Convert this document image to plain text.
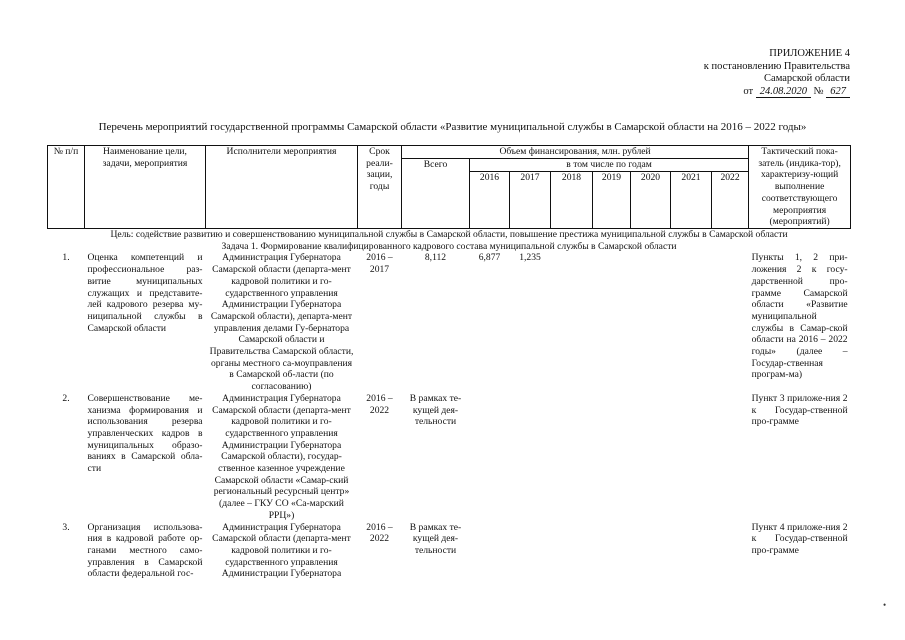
ПРИЛОЖЕНИЕ 4
к постановлению Правительства
Самарской области
от 24.08.2020 № 627
Перечень мероприятий государственной программы Самарской области «Развитие муниципальной службы в Самарской области на 2016 – 2022 годы»
№ п/п	Наименование цели, задачи, мероприятия	Исполнители мероприятия	Срок реали-зации, годы	Объем финансирования, млн. рублей								Тактический пока-затель (индика-тор), характеризу-ющий выполнение соответствующего мероприятия (мероприятий)
				Всего	в том числе по годам							
					2016	2017	2018	2019	2020	2021	2022	
Цель: содействие развитию и совершенствованию муниципальной службы в Самарской области, повышение престижа муниципальной службы в Самарской области												
Задача 1. Формирование квалифицированного кадрового состава муниципальной службы в Самарской области												
1.	Оценка компетенций и профессиональное раз-витие муниципальных служащих и представите-лей кадрового резерва му-ниципальной службы в Самарской области	Администрация Губернатора Самарской области (департа-мент кадровой политики и го-сударственного управления Администрации Губернатора Самарской области), департа-мент управления делами Гу-бернатора Самарской области и Правительства Самарской области, органы местного са-моуправления в Самарской об-ласти (по согласованию)	2016 – 2017	8,112	6,877	1,235						Пункты 1, 2 при-ложения 2 к госу-дарственной про-грамме Самарской области «Развитие муниципальной службы в Самар-ской области на 2016 – 2022 годы» (далее – Государ-ственная програм-ма)
2.	Совершенствование ме-ханизма формирования и использования резерва управленческих кадров в муниципальных образо-ваниях в Самарской обла-сти	Администрация Губернатора Самарской области (департа-мент кадровой политики и го-сударственного управления Администрации Губернатора Самарской области), государ-ственное казенное учреждение Самарской области «Самар-ский региональный ресурсный центр» (далее – ГКУ СО «Са-марский РРЦ»)	2016 – 2022	В рамках те-кущей дея-тельности								Пункт 3 приложе-ния 2 к Государ-ственной про-грамме
3.	Организация использова-ния в кадровой работе ор-ганами местного само-управления в Самарской области федеральной гос-	Администрация Губернатора Самарской области (департа-мент кадровой политики и го-сударственного управления Администрации Губернатора	2016 – 2022	В рамках те-кущей дея-тельности								Пункт 4 приложе-ния 2 к Государ-ственной про-грамме
•
